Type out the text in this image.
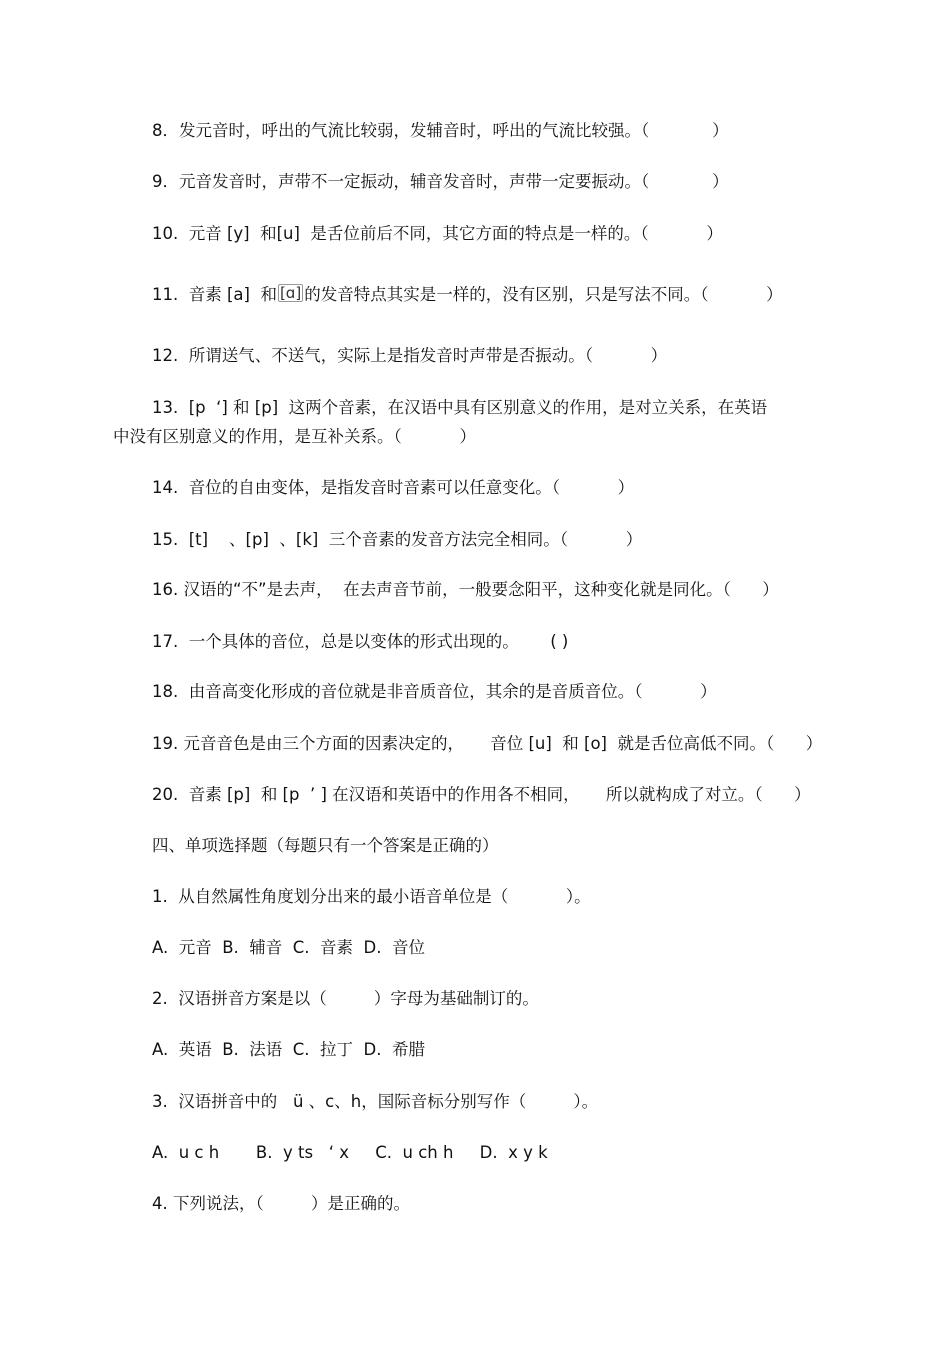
8．发元音时，呼出的气流比较弱，发辅音时，呼出的气流比较强。（            ）
9．元音发音时，声带不一定振动，辅音发音时，声带一定要振动。（            ）
10.  元音 [y]  和[u]  是舌位前后不同，其它方面的特点是一样的。（           ）
11.  音素 [a]  和 [ɑ] 的发音特点其实是一样的，没有区别，只是写法不同。（           ）
12.  所谓送气、不送气，实际上是指发音时声带是否振动。（           ）
13.  [p  ‘] 和 [p]  这两个音素，在汉语中具有区别意义的作用，是对立关系，在英语
中没有区别意义的作用，是互补关系。（           ）
14.  音位的自由变体，是指发音时音素可以任意变化。（           ）
15.  [t]    、[p]  、[k]  三个音素的发音方法完全相同。（           ）
16. 汉语的“不”是去声，  在去声音节前，一般要念阳平，这种变化就是同化。（      ）
17.  一个具体的音位，总是以变体的形式出现的。      ( )
18.  由音高变化形成的音位就是非音质音位，其余的是音质音位。（           ）
19. 元音音色是由三个方面的因素决定的，     音位 [u]  和 [o]  就是舌位高低不同。（      ）
20.  音素 [p]  和 [p  ’ ] 在汉语和英语中的作用各不相同，     所以就构成了对立。（      ）
四、单项选择题（每题只有一个答案是正确的）
1.  从自然属性角度划分出来的最小语音单位是（           ）。
A.  元音  B.  辅音  C.  音素  D.  音位
2.  汉语拼音方案是以（         ）字母为基础制订的。
A.  英语  B.  法语  C.  拉丁  D.  希腊
3.  汉语拼音中的   ü 、c、h，国际音标分别写作（         ）。
A.  u c h       B.  y ts   ‘ x     C.  u ch h     D.  x y k
4. 下列说法，（         ）是正确的。
